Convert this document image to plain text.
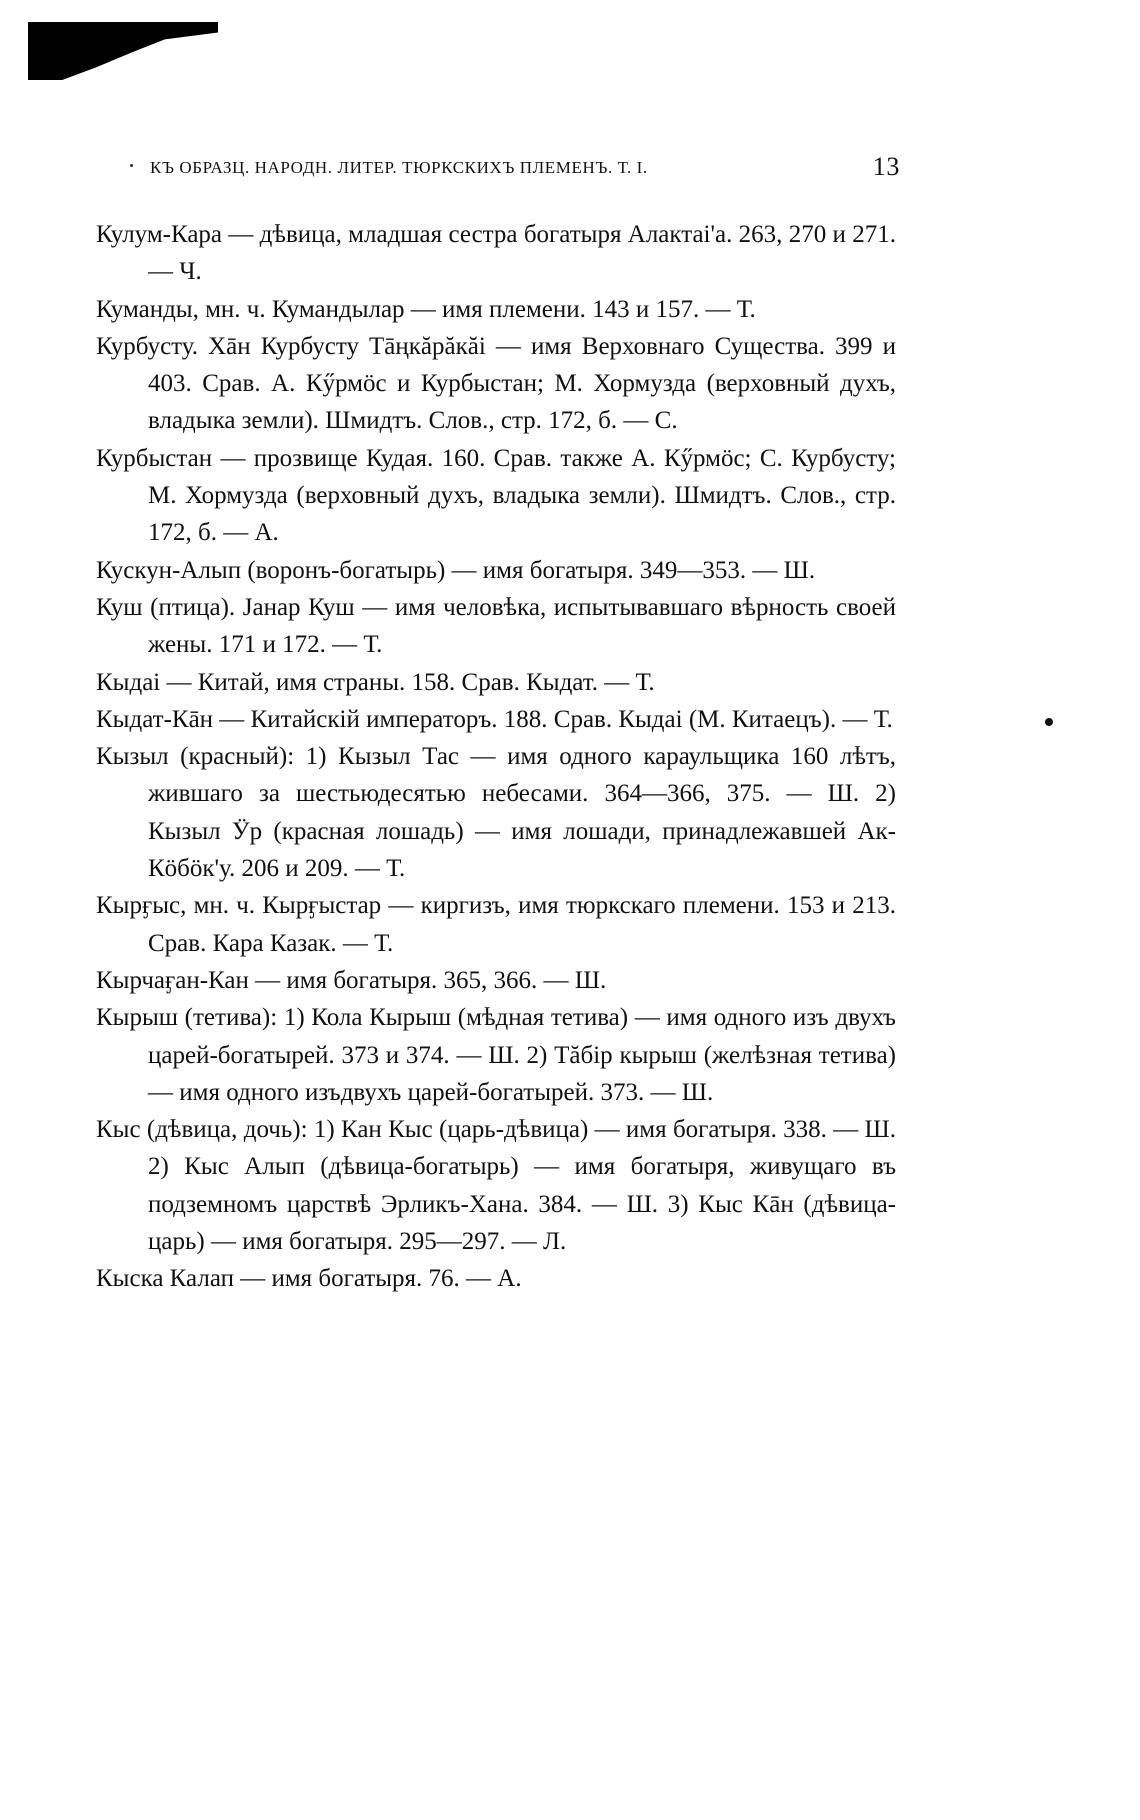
КЪ ОБРАЗЦ. НАРОДН. ЛИТЕР. ТЮРКСКИХЪ ПЛЕМЕНЪ. Т. I.	13

Кулум-Кара — дѣвица, младшая сестра богатыря Алактаі'а. 263, 270 и 271. — Ч.

Куманды, мн. ч. Кумандылар — имя племени. 143 и 157. — Т.

Курбусту. Хāн Курбусту Тāңкăрăкăі — имя Верховнаго Существа. 399 и 403. Срав. А. Кӳрмӧс и Курбыстан; М. Хормузда (верховный духъ, владыка земли). Шмидтъ. Слов., стр. 172, б. — С.

Курбыстан — прозвище Кудая. 160. Срав. также А. Кӳрмӧс; С. Курбусту; М. Хормузда (верховный духъ, владыка земли). Шмидтъ. Слов., стр. 172, б. — А.

Кускун-Алып (воронъ-богатырь) — имя богатыря. 349—353. — Ш.

Куш (птица). Јанар Куш — имя человѣка, испытывавшаго вѣрность своей жены. 171 и 172. — Т.

Кыдаі — Китай, имя страны. 158. Срав. Кыдат. — Т.

Кыдат-Кāн — Китайскій императоръ. 188. Срав. Кыдаі (М. Китаецъ). — Т.

Кызыл (красный): 1) Кызыл Тас — имя одного караульщика 160 лѣтъ, жившаго за шестьюдесятью небесами. 364—366, 375. — Ш. 2) Кызыл Ӱр (красная лошадь) — имя лошади, принадлежавшей Ак-Кӧбӧк'у. 206 и 209. — Т.

Кырӻыс, мн. ч. Кырӻыстар — киргизъ, имя тюркскаго племени. 153 и 213. Срав. Кара Казак. — Т.

Кырчаӻан-Кан — имя богатыря. 365, 366. — Ш.

Кырыш (тетива): 1) Кола Кырыш (мѣдная тетива) — имя одного изъ двухъ царей-богатырей. 373 и 374. — Ш. 2) Тăбір кырыш (желѣзная тетива) — имя одного изъдвухъ царей-богатырей. 373. — Ш.

Кыс (дѣвица, дочь): 1) Кан Кыс (царь-дѣвица) — имя богатыря. 338. — Ш. 2) Кыс Алып (дѣвица-богатырь) — имя богатыря, живущаго въ подземномъ царствѣ Эрликъ-Хана. 384. — Ш. 3) Кыс Кāн (дѣвица-царь) — имя богатыря. 295—297. — Л.

Кыска Калап — имя богатыря. 76. — А.
